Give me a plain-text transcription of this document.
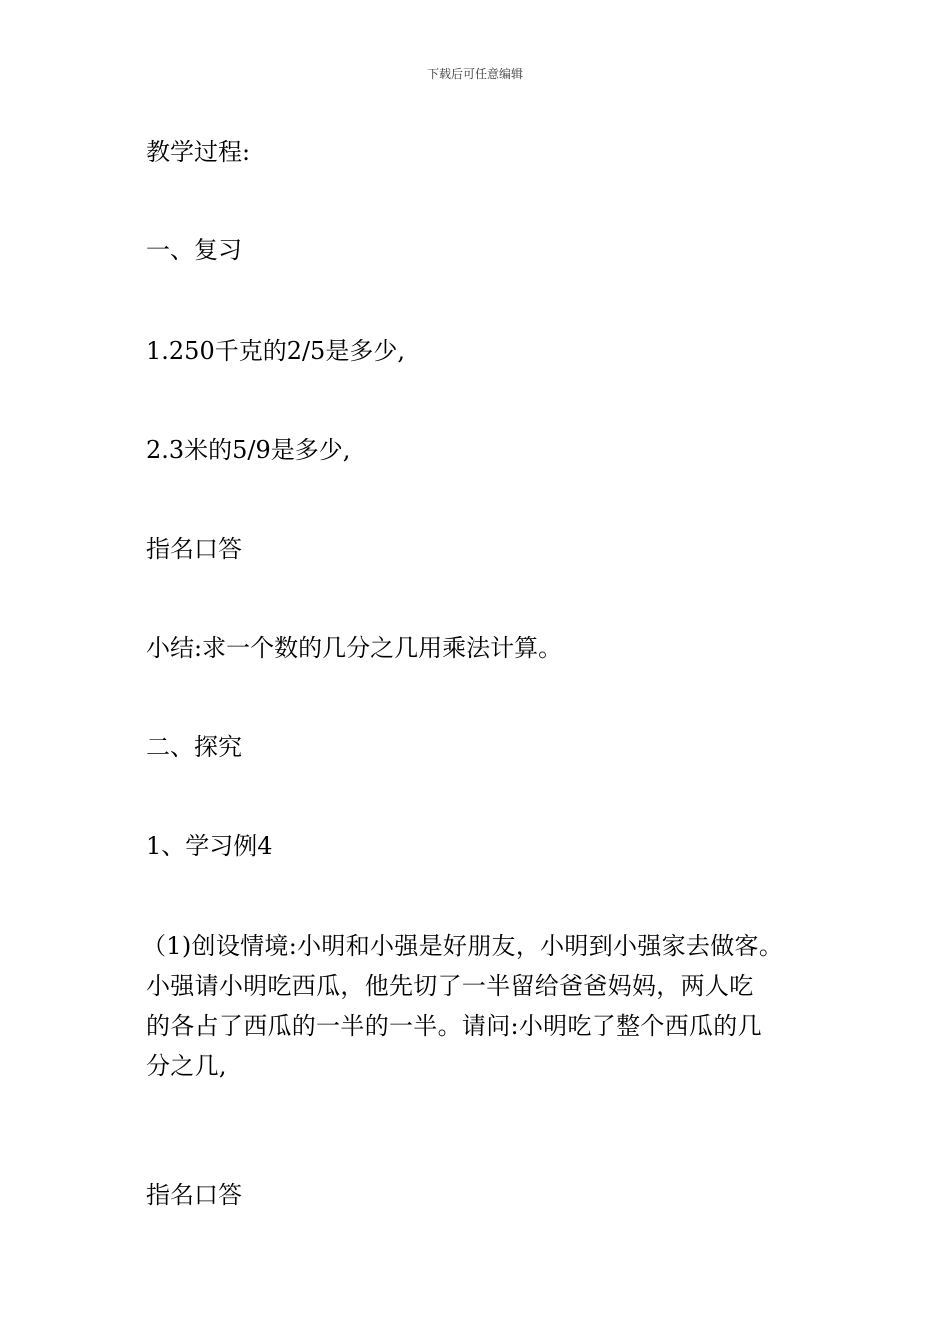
下载后可任意编辑
教学过程:
一、复习
1.250千克的2/5是多少,
2.3米的5/9是多少,
指名口答
小结:求一个数的几分之几用乘法计算。
二、探究
1、学习例4
（1)创设情境:小明和小强是好朋友，小明到小强家去做客。
小强请小明吃西瓜，他先切了一半留给爸爸妈妈，两人吃
的各占了西瓜的一半的一半。请问:小明吃了整个西瓜的几
分之几,
指名口答
